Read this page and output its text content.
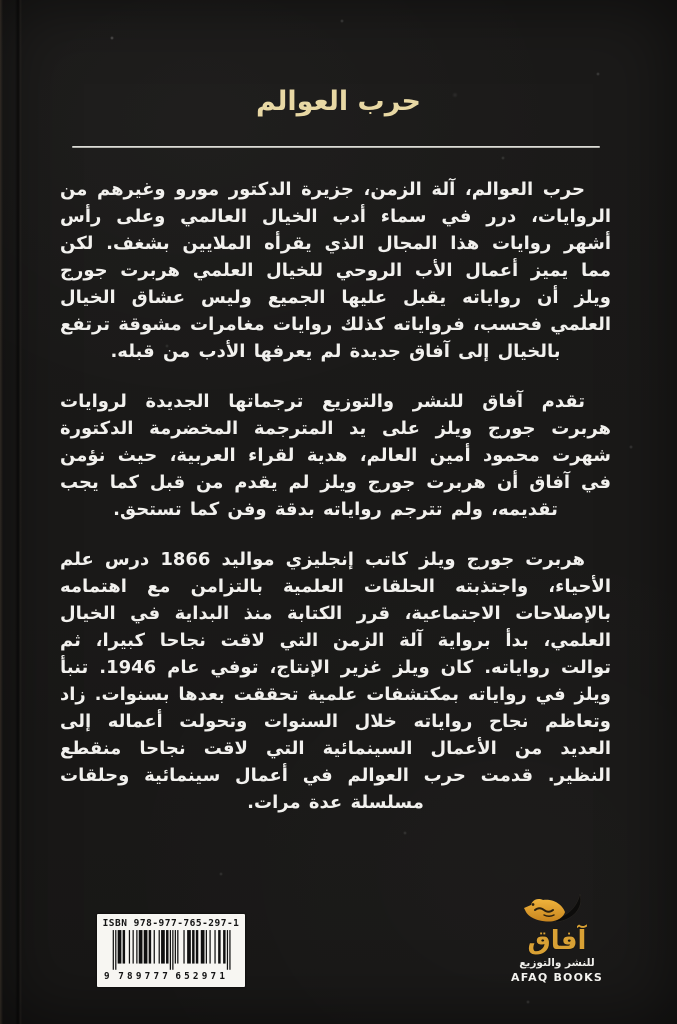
حرب العوالم

حرب العوالم، آلة الزمن، جزيرة الدكتور مورو وغيرهم من الروايات، درر في سماء أدب الخيال العالمي وعلى رأس أشهر روايات هذا المجال الذي يقرأه الملايين بشغف. لكن مما يميز أعمال الأب الروحي للخيال العلمي هربرت جورج ويلز أن رواياته يقبل عليها الجميع وليس عشاق الخيال العلمي فحسب، فرواياته كذلك روايات مغامرات مشوقة ترتفع بالخيال إلى آفاق جديدة لم يعرفها الأدب من قبله.

تقدم آفاق للنشر والتوزيع ترجماتها الجديدة لروايات هربرت جورج ويلز على يد المترجمة المخضرمة الدكتورة شهرت محمود أمين العالم، هدية لقراء العربية، حيث نؤمن في آفاق أن هربرت جورج ويلز لم يقدم من قبل كما يجب تقديمه، ولم تترجم رواياته بدقة وفن كما تستحق.

هربرت جورج ويلز كاتب إنجليزي مواليد 1866 درس علم الأحياء، واجتذبته الحلقات العلمية بالتزامن مع اهتمامه بالإصلاحات الاجتماعية، قرر الكتابة منذ البداية في الخيال العلمي، بدأ برواية آلة الزمن التي لاقت نجاحا كبيرا، ثم توالت رواياته. كان ويلز غزير الإنتاج، توفي عام 1946. تنبأ ويلز في رواياته بمكتشفات علمية تحققت بعدها بسنوات. زاد وتعاظم نجاح رواياته خلال السنوات وتحولت أعماله إلى العديد من الأعمال السينمائية التي لاقت نجاحا منقطع النظير. قدمت حرب العوالم في أعمال سينمائية وحلقات مسلسلة عدة مرات.

ISBN 978-977-765-297-1
9 789777 652971
آفاق
للنشر والتوزيع
AFAQ BOOKS
